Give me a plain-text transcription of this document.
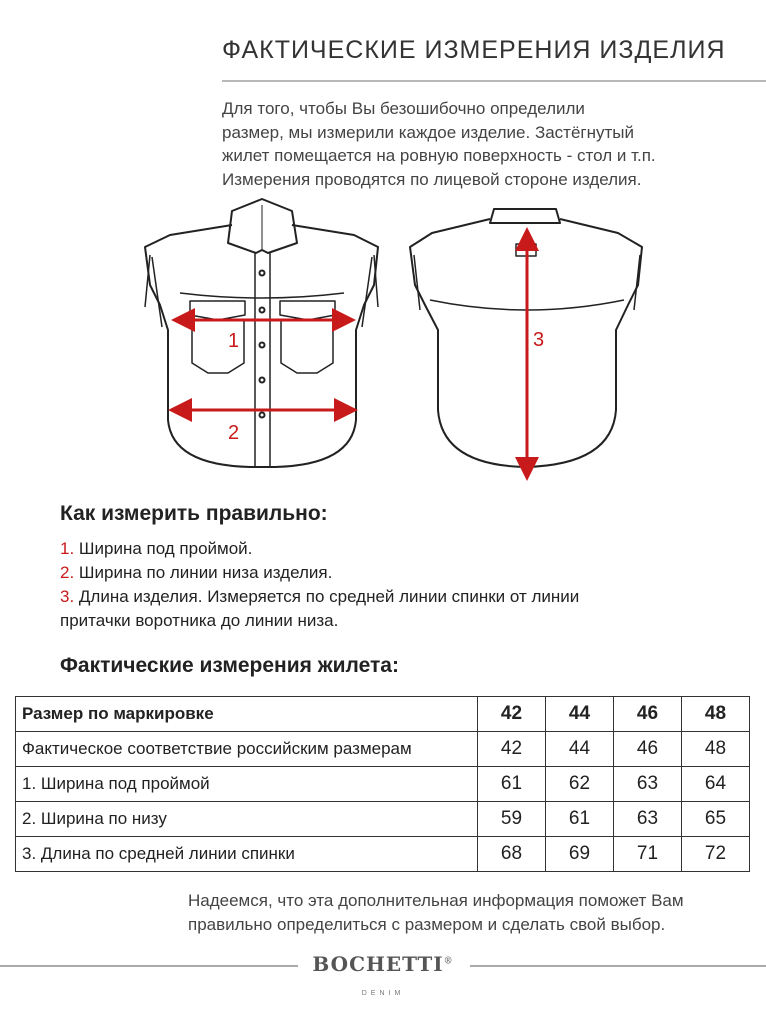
ФАКТИЧЕСКИЕ ИЗМЕРЕНИЯ ИЗДЕЛИЯ
Для того, чтобы Вы безошибочно определили
размер, мы измерили каждое изделие. Застёгнутый
жилет помещается на ровную поверхность - стол и т.п.
Измерения проводятся по лицевой стороне изделия.
1
2
3
Как измерить правильно:
1. Ширина под проймой.
2. Ширина по линии низа изделия.
3. Длина изделия. Измеряется по средней линии спинки от линии
притачки воротника до линии низа.
Фактические измерения жилета:
Размер по маркировке	42	44	46	48
Фактическое соответствие российским размерам	42	44	46	48
1. Ширина под проймой	61	62	63	64
2. Ширина по низу	59	61	63	65
3. Длина по средней линии спинки	68	69	71	72
Надеемся, что эта дополнительная информация поможет Вам
правильно определиться с размером и сделать свой выбор.
BOCHETTI®
DENIM
